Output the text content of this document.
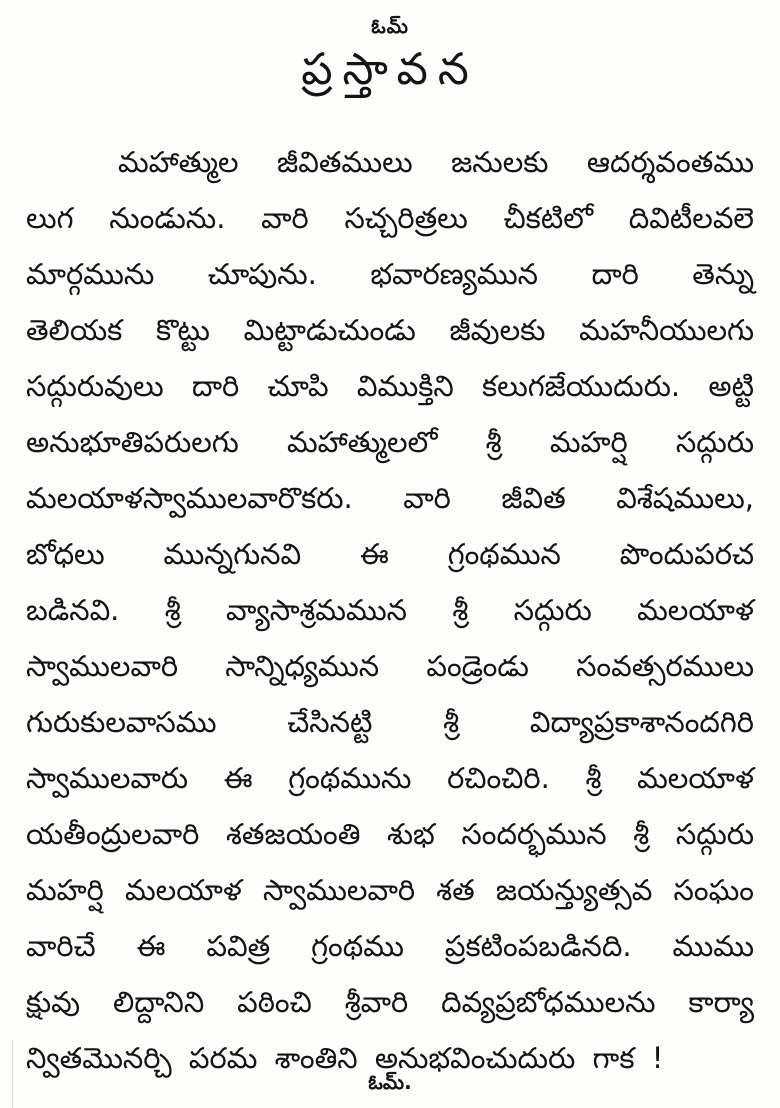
ఓమ్
ప్రస్తావన
మహాత్ముల జీవితములు జనులకు ఆదర్శవంతము
లుగ నుండును. వారి సచ్చరిత్రలు చీకటిలో దివిటీలవలె
మార్గమును చూపును. భవారణ్యమున దారి తెన్ను
తెలియక కొట్టు మిట్టాడుచుండు జీవులకు మహనీయులగు
సద్గురువులు దారి చూపి విముక్తిని కలుగజేయుదురు. అట్టి
అనుభూతిపరులగు మహాత్ములలో శ్రీ మహర్షి సద్గురు
మలయాళస్వాములవారొకరు. వారి జీవిత విశేషములు,
బోధలు మున్నగునవి ఈ గ్రంథమున పొందుపరచ
బడినవి. శ్రీ వ్యాసాశ్రమమున శ్రీ సద్గురు మలయాళ
స్వాములవారి సాన్నిధ్యమున పండ్రెండు సంవత్సరములు
గురుకులవాసము చేసినట్టి శ్రీ విద్యాప్రకాశానందగిరి
స్వాములవారు ఈ గ్రంథమును రచించిరి. శ్రీ మలయాళ
యతీంద్రులవారి శతజయంతి శుభ సందర్భమున శ్రీ సద్గురు
మహర్షి మలయాళ స్వాములవారి శత జయన్త్యుత్సవ సంఘం
వారిచే ఈ పవిత్ర గ్రంథము ప్రకటింపబడినది. ముము
క్షువు లిద్దానిని పఠించి శ్రీవారి దివ్యప్రబోధములను కార్యా
న్వితమొనర్చి పరమ శాంతిని అనుభవించుదురు గాక !
ఓమ్.
